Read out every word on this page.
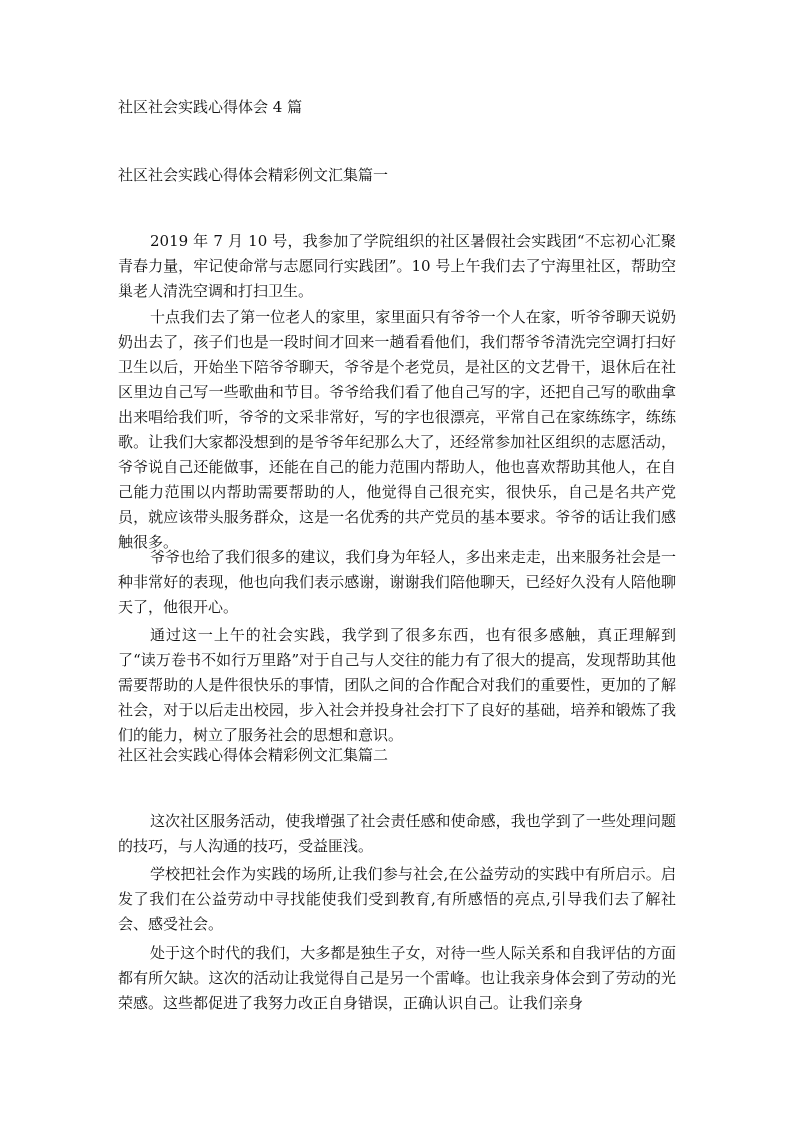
社区社会实践心得体会 4 篇
社区社会实践心得体会精彩例文汇集篇一

2019 年 7 月 10 号，我参加了学院组织的社区暑假社会实践团“不忘初心汇聚青春力量，牢记使命常与志愿同行实践团”。10 号上午我们去了宁海里社区，帮助空巢老人清洗空调和打扫卫生。

十点我们去了第一位老人的家里，家里面只有爷爷一个人在家，听爷爷聊天说奶奶出去了，孩子们也是一段时间才回来一趟看看他们，我们帮爷爷清洗完空调打扫好卫生以后，开始坐下陪爷爷聊天，爷爷是个老党员，是社区的文艺骨干，退休后在社区里边自己写一些歌曲和节目。爷爷给我们看了他自己写的字，还把自己写的歌曲拿出来唱给我们听，爷爷的文采非常好，写的字也很漂亮，平常自己在家练练字，练练歌。让我们大家都没想到的是爷爷年纪那么大了，还经常参加社区组织的志愿活动，爷爷说自己还能做事，还能在自己的能力范围内帮助人，他也喜欢帮助其他人，在自己能力范围以内帮助需要帮助的人，他觉得自己很充实，很快乐，自己是名共产党员，就应该带头服务群众，这是一名优秀的共产党员的基本要求。爷爷的话让我们感触很多。

爷爷也给了我们很多的建议，我们身为年轻人，多出来走走，出来服务社会是一种非常好的表现，他也向我们表示感谢，谢谢我们陪他聊天，已经好久没有人陪他聊天了，他很开心。

通过这一上午的社会实践，我学到了很多东西，也有很多感触，真正理解到了“读万卷书不如行万里路”对于自己与人交往的能力有了很大的提高，发现帮助其他需要帮助的人是件很快乐的事情，团队之间的合作配合对我们的重要性，更加的了解社会，对于以后走出校园，步入社会并投身社会打下了良好的基础，培养和锻炼了我们的能力，树立了服务社会的思想和意识。

社区社会实践心得体会精彩例文汇集篇二

这次社区服务活动，使我增强了社会责任感和使命感，我也学到了一些处理问题的技巧，与人沟通的技巧，受益匪浅。

学校把社会作为实践的场所,让我们参与社会,在公益劳动的实践中有所启示。启发了我们在公益劳动中寻找能使我们受到教育,有所感悟的亮点,引导我们去了解社会、感受社会。

处于这个时代的我们，大多都是独生子女，对待一些人际关系和自我评估的方面都有所欠缺。这次的活动让我觉得自己是另一个雷峰。也让我亲身体会到了劳动的光荣感。这些都促进了我努力改正自身错误，正确认识自己。让我们亲身
